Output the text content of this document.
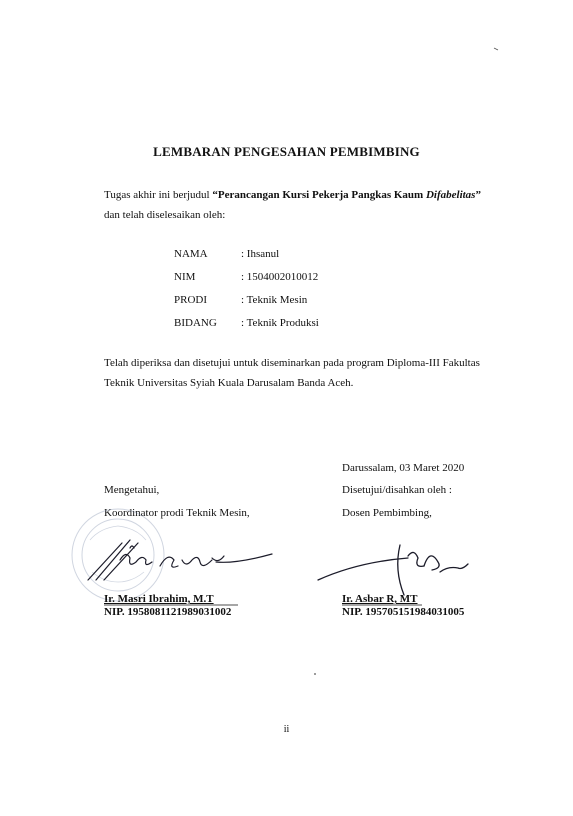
LEMBARAN PENGESAHAN PEMBIMBING
Tugas akhir ini berjudul “Perancangan Kursi Pekerja Pangkas Kaum Difabelitas”
dan telah diselesaikan oleh:
NAMA	: Ihsanul
NIM	: 1504002010012
PRODI	: Teknik Mesin
BIDANG : Teknik Produksi
Telah diperiksa dan disetujui untuk diseminarkan pada program Diploma-III Fakultas Teknik Universitas Syiah Kuala Darusalam Banda Aceh.
Darussalam, 03 Maret 2020
Mengetahui,	Disetujui/disahkan oleh :
Koordinator prodi Teknik Mesin,	Dosen Pembimbing,
Ir. Masri Ibrahim, M.T
NIP. 1958081121989031002
Ir. Asbar R, MT
NIP. 195705151984031005
ii
